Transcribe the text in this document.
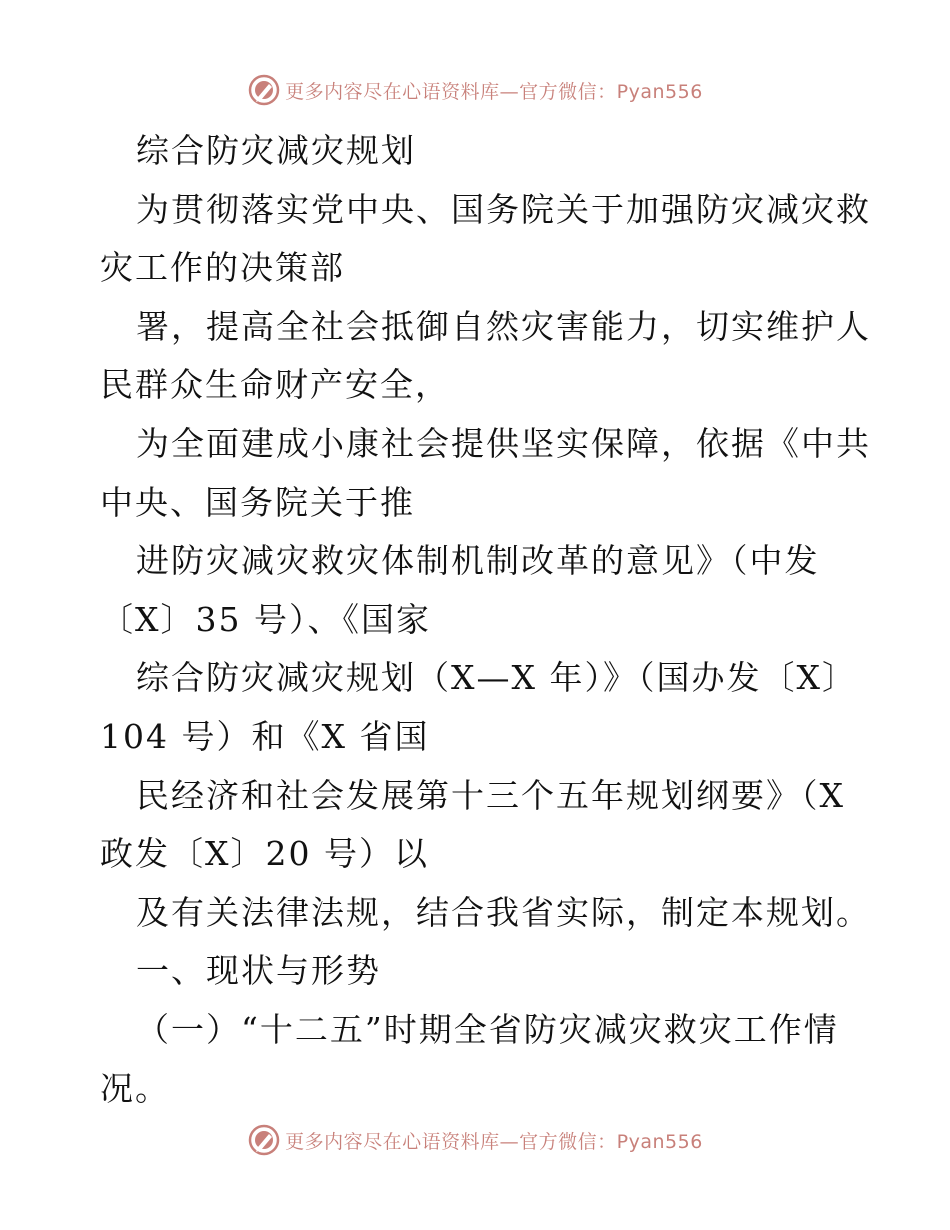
更多内容尽在心语资料库—官方微信：Pyan556
综合防灾减灾规划
为贯彻落实党中央、国务院关于加强防灾减灾救
灾工作的决策部
署，提高全社会抵御自然灾害能力，切实维护人
民群众生命财产安全，
为全面建成小康社会提供坚实保障，依据《中共
中央、国务院关于推
进防灾减灾救灾体制机制改革的意见》（中发
〔X〕35 号）、《国家
综合防灾减灾规划（X—X 年）》（国办发〔X〕
104 号）和《X 省国
民经济和社会发展第十三个五年规划纲要》（X
政发〔X〕20 号）以
及有关法律法规，结合我省实际，制定本规划。
一、现状与形势
（一）“十二五”时期全省防灾减灾救灾工作情
况。
更多内容尽在心语资料库—官方微信：Pyan556
